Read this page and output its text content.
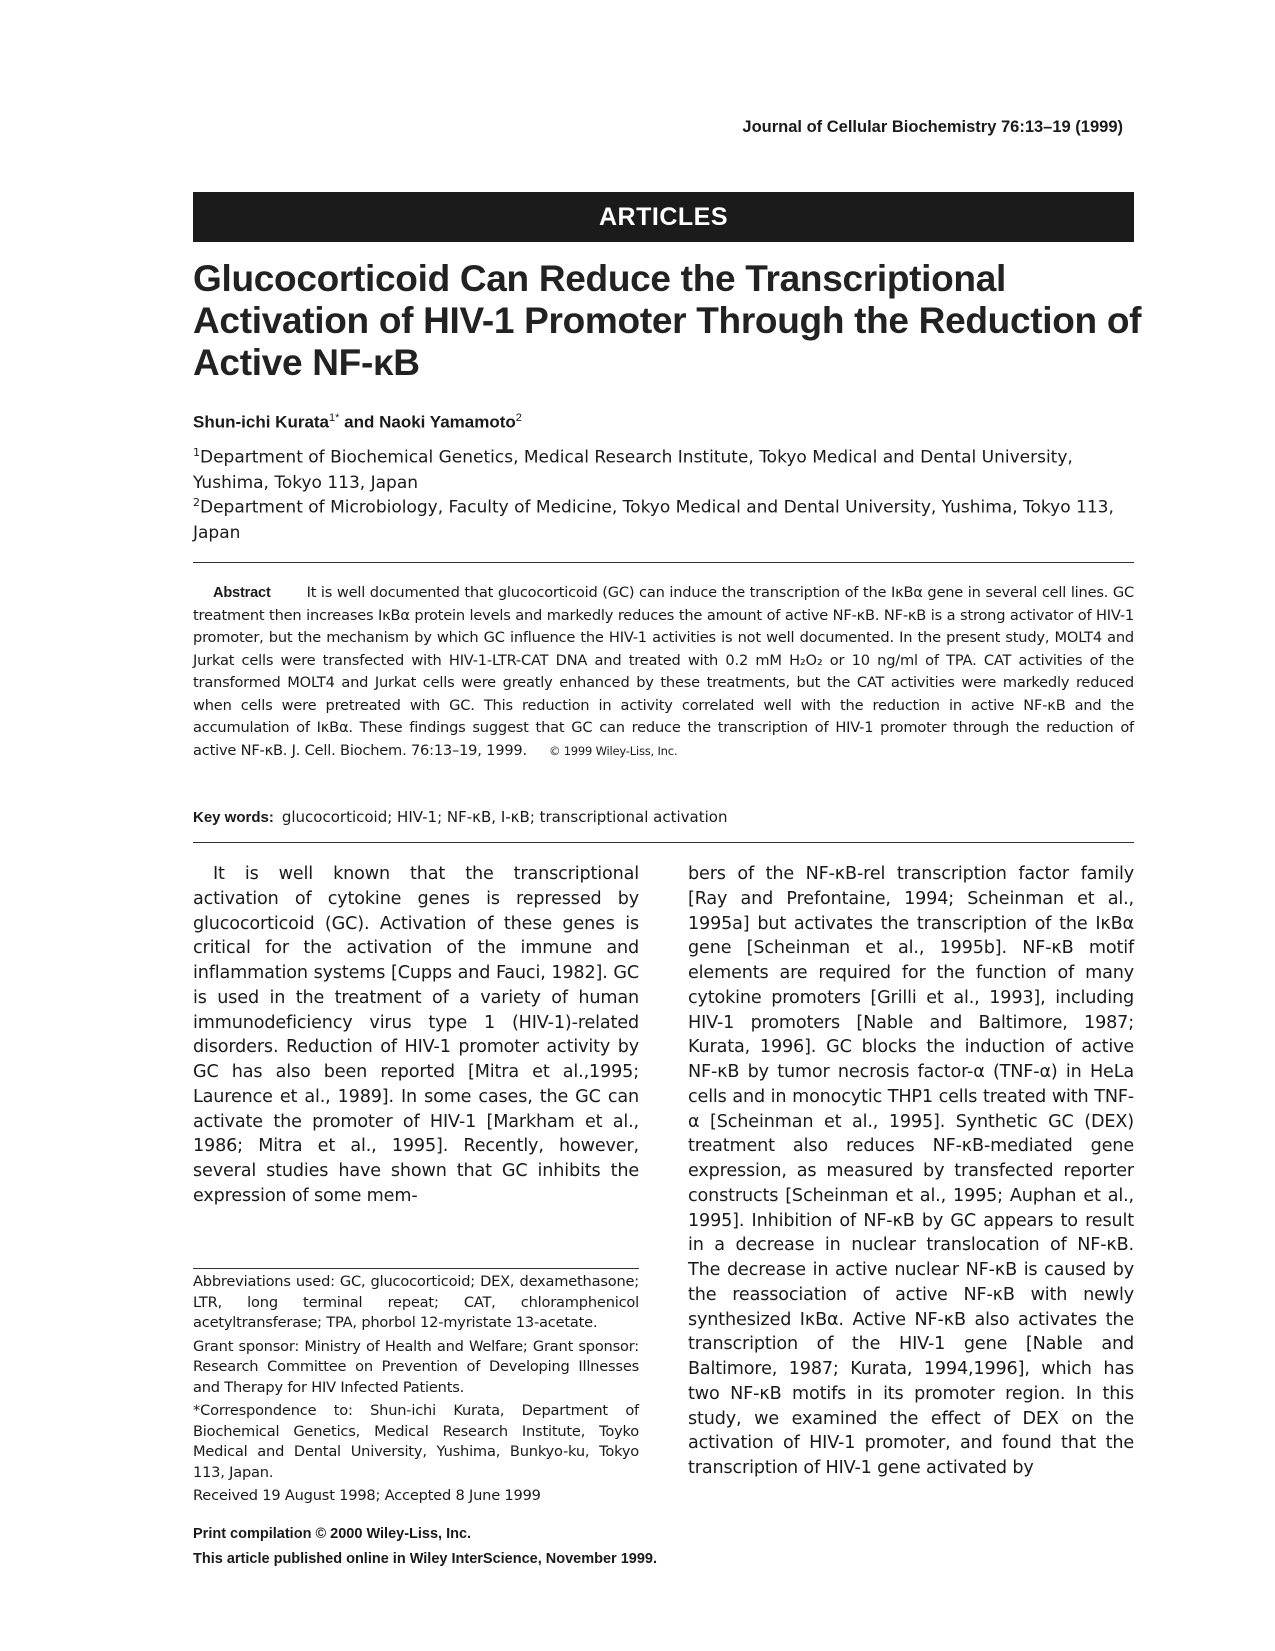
Journal of Cellular Biochemistry 76:13–19 (1999)
ARTICLES
Glucocorticoid Can Reduce the Transcriptional Activation of HIV-1 Promoter Through the Reduction of Active NF-κB
Shun-ichi Kurata$^{1*}$ and Naoki Yamamoto$^2$
$^1$Department of Biochemical Genetics, Medical Research Institute, Tokyo Medical and Dental University, Yushima, Tokyo 113, Japan
$^2$Department of Microbiology, Faculty of Medicine, Tokyo Medical and Dental University, Yushima, Tokyo 113, Japan
Abstract It is well documented that glucocorticoid (GC) can induce the transcription of the IκBα gene in several cell lines. GC treatment then increases IκBα protein levels and markedly reduces the amount of active NF-κB. NF-κB is a strong activator of HIV-1 promoter, but the mechanism by which GC influence the HIV-1 activities is not well documented. In the present study, MOLT4 and Jurkat cells were transfected with HIV-1-LTR-CAT DNA and treated with 0.2 mM H₂O₂ or 10 ng/ml of TPA. CAT activities of the transformed MOLT4 and Jurkat cells were greatly enhanced by these treatments, but the CAT activities were markedly reduced when cells were pretreated with GC. This reduction in activity correlated well with the reduction in active NF-κB and the accumulation of IκBα. These findings suggest that GC can reduce the transcription of HIV-1 promoter through the reduction of active NF-κB. J. Cell. Biochem. 76:13–19, 1999. © 1999 Wiley-Liss, Inc.
Key words: glucocorticoid; HIV-1; NF-κB, I-κB; transcriptional activation
It is well known that the transcriptional activation of cytokine genes is repressed by glucocorticoid (GC). Activation of these genes is critical for the activation of the immune and inflammation systems [Cupps and Fauci, 1982]. GC is used in the treatment of a variety of human immunodeficiency virus type 1 (HIV-1)-related disorders. Reduction of HIV-1 promoter activity by GC has also been reported [Mitra et al.,1995; Laurence et al., 1989]. In some cases, the GC can activate the promoter of HIV-1 [Markham et al., 1986; Mitra et al., 1995]. Recently, however, several studies have shown that GC inhibits the expression of some mem-
bers of the NF-κB-rel transcription factor family [Ray and Prefontaine, 1994; Scheinman et al., 1995a] but activates the transcription of the IκBα gene [Scheinman et al., 1995b]. NF-κB motif elements are required for the function of many cytokine promoters [Grilli et al., 1993], including HIV-1 promoters [Nable and Baltimore, 1987; Kurata, 1996]. GC blocks the induction of active NF-κB by tumor necrosis factor-α (TNF-α) in HeLa cells and in monocytic THP1 cells treated with TNF-α [Scheinman et al., 1995]. Synthetic GC (DEX) treatment also reduces NF-κB-mediated gene expression, as measured by transfected reporter constructs [Scheinman et al., 1995; Auphan et al., 1995]. Inhibition of NF-κB by GC appears to result in a decrease in nuclear translocation of NF-κB. The decrease in active nuclear NF-κB is caused by the reassociation of active NF-κB with newly synthesized IκBα. Active NF-κB also activates the transcription of the HIV-1 gene [Nable and Baltimore, 1987; Kurata, 1994,1996], which has two NF-κB motifs in its promoter region. In this study, we examined the effect of DEX on the activation of HIV-1 promoter, and found that the transcription of HIV-1 gene activated by

Abbreviations used: GC, glucocorticoid; DEX, dexamethasone; LTR, long terminal repeat; CAT, chloramphenicol acetyltransferase; TPA, phorbol 12-myristate 13-acetate.

Grant sponsor: Ministry of Health and Welfare; Grant sponsor: Research Committee on Prevention of Developing Illnesses and Therapy for HIV Infected Patients.

*Correspondence to: Shun-ichi Kurata, Department of Biochemical Genetics, Medical Research Institute, Toyko Medical and Dental University, Yushima, Bunkyo-ku, Tokyo 113, Japan.

Received 19 August 1998; Accepted 8 June 1999

Print compilation © 2000 Wiley-Liss, Inc.
This article published online in Wiley InterScience, November 1999.
